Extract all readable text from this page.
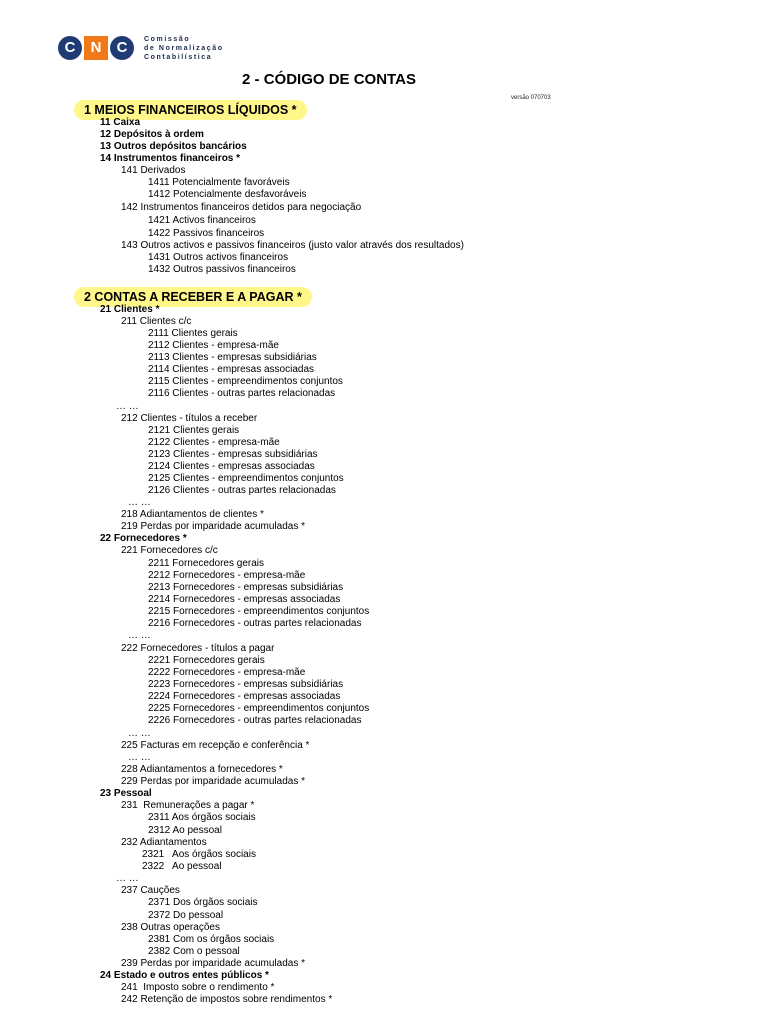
C	N	C	Comissão
de Normalização
Contabilística
2 - CÓDIGO DE CONTAS
versão 070703
1 MEIOS FINANCEIROS LÍQUIDOS *
2 CONTAS A RECEBER E A PAGAR *
11 Caixa
12 Depósitos à ordem
13 Outros depósitos bancários
14 Instrumentos financeiros *
141 Derivados
1411 Potencialmente favoráveis
1412 Potencialmente desfavoráveis
142 Instrumentos financeiros detidos para negociação
1421 Activos financeiros
1422 Passivos financeiros
143 Outros activos e passivos financeiros (justo valor através dos resultados)
1431 Outros activos financeiros
1432 Outros passivos financeiros
21 Clientes *
211 Clientes c/c
2111 Clientes gerais
2112 Clientes - empresa-mãe
2113 Clientes - empresas subsidiárias
2114 Clientes - empresas associadas
2115 Clientes - empreendimentos conjuntos
2116 Clientes - outras partes relacionadas
… …
212 Clientes - títulos a receber
2121 Clientes gerais
2122 Clientes - empresa-mãe
2123 Clientes - empresas subsidiárias
2124 Clientes - empresas associadas
2125 Clientes - empreendimentos conjuntos
2126 Clientes - outras partes relacionadas
… …
218 Adiantamentos de clientes *
219 Perdas por imparidade acumuladas *
22 Fornecedores *
221 Fornecedores c/c
2211 Fornecedores gerais
2212 Fornecedores - empresa-mãe
2213 Fornecedores - empresas subsidiárias
2214 Fornecedores - empresas associadas
2215 Fornecedores - empreendimentos conjuntos
2216 Fornecedores - outras partes relacionadas
… …
222 Fornecedores - títulos a pagar
2221 Fornecedores gerais
2222 Fornecedores - empresa-mãe
2223 Fornecedores - empresas subsidiárias
2224 Fornecedores - empresas associadas
2225 Fornecedores - empreendimentos conjuntos
2226 Fornecedores - outras partes relacionadas
… …
225 Facturas em recepção e conferência *
… …
228 Adiantamentos a fornecedores *
229 Perdas por imparidade acumuladas *
23 Pessoal
231  Remunerações a pagar *
2311 Aos órgãos sociais
2312 Ao pessoal
232 Adiantamentos
2321   Aos órgãos sociais
2322   Ao pessoal
… …
237 Cauções
2371 Dos órgãos sociais
2372 Do pessoal
238 Outras operações
2381 Com os órgãos sociais
2382 Com o pessoal
239 Perdas por imparidade acumuladas *
24 Estado e outros entes públicos *
241  Imposto sobre o rendimento *
242 Retenção de impostos sobre rendimentos *
